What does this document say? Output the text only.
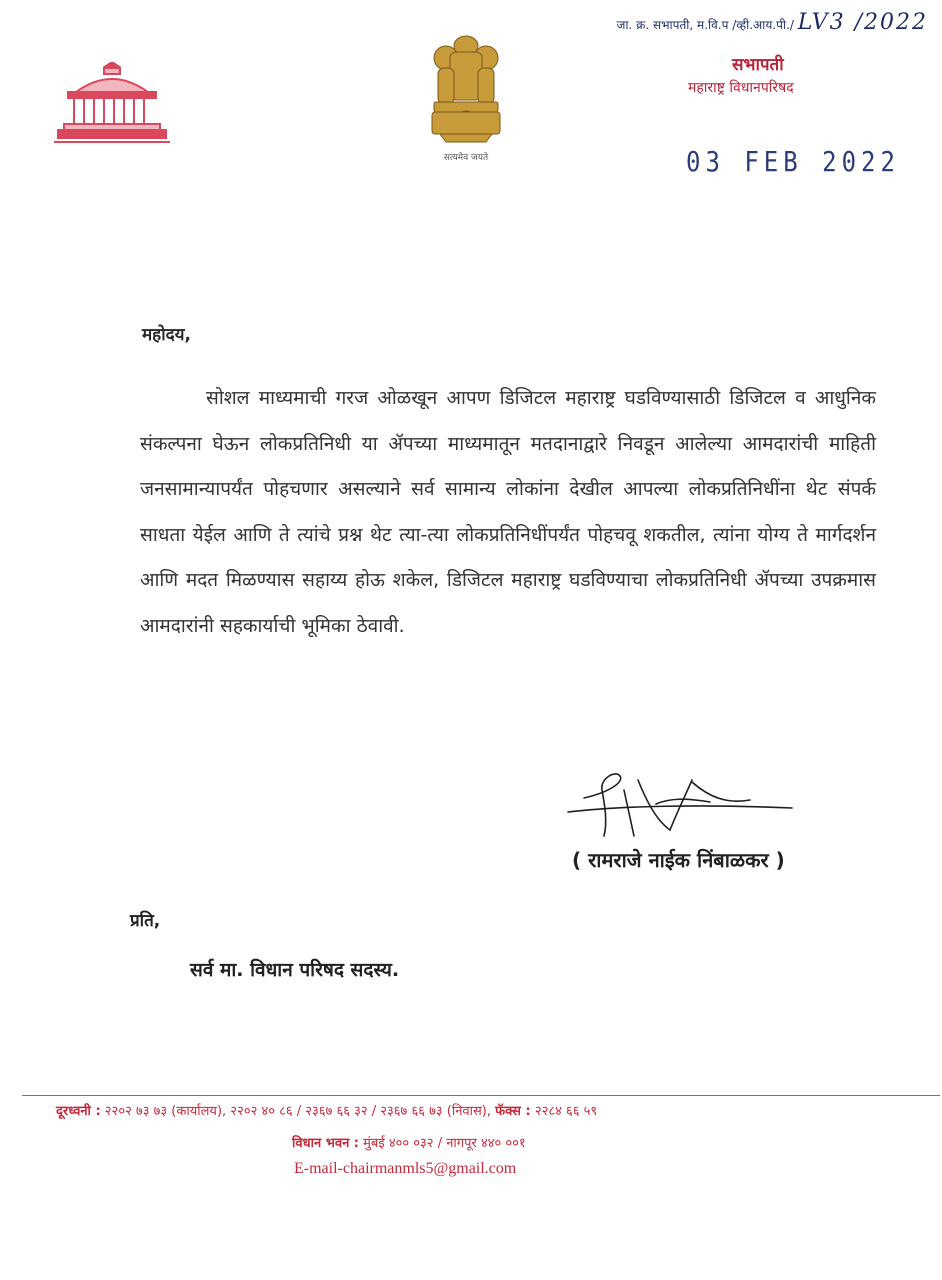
सत्यमेव जयते
जा. क्र. सभापती, म.वि.प /व्ही.आय.पी./ LV3 /2022
सभापती
महाराष्ट्र विधानपरिषद
03 FEB 2022
महोदय,

सोशल माध्यमाची गरज ओळखून आपण डिजिटल महाराष्ट्र घडविण्यासाठी डिजिटल व आधुनिक संकल्पना घेऊन लोकप्रतिनिधी या ॲपच्या माध्यमातून मतदानाद्वारे निवडून आलेल्या आमदारांची माहिती जनसामान्यापर्यंत पोहचणार असल्याने सर्व सामान्य लोकांना देखील आपल्या लोकप्रतिनिधींना थेट संपर्क साधता येईल आणि ते त्यांचे प्रश्न थेट त्या-त्या लोकप्रतिनिधींपर्यंत पोहचवू शकतील, त्यांना योग्य ते मार्गदर्शन आणि मदत मिळण्यास सहाय्य होऊ शकेल, डिजिटल महाराष्ट्र घडविण्याचा लोकप्रतिनिधी ॲपच्या उपक्रमास आमदारांनी सहकार्याची भूमिका ठेवावी.

( रामराजे नाईक निंबाळकर )
प्रति,
सर्व मा. विधान परिषद सदस्य.
दूरध्वनी : २२०२ ७३ ७३ (कार्यालय), २२०२ ४० ८६ / २३६७ ६६ ३२ / २३६७ ६६ ७३ (निवास), फॅक्स : २२८४ ६६ ५९
विधान भवन : मुंबई ४०० ०३२ / नागपूर ४४० ००१
E-mail-chairmanmls5@gmail.com
